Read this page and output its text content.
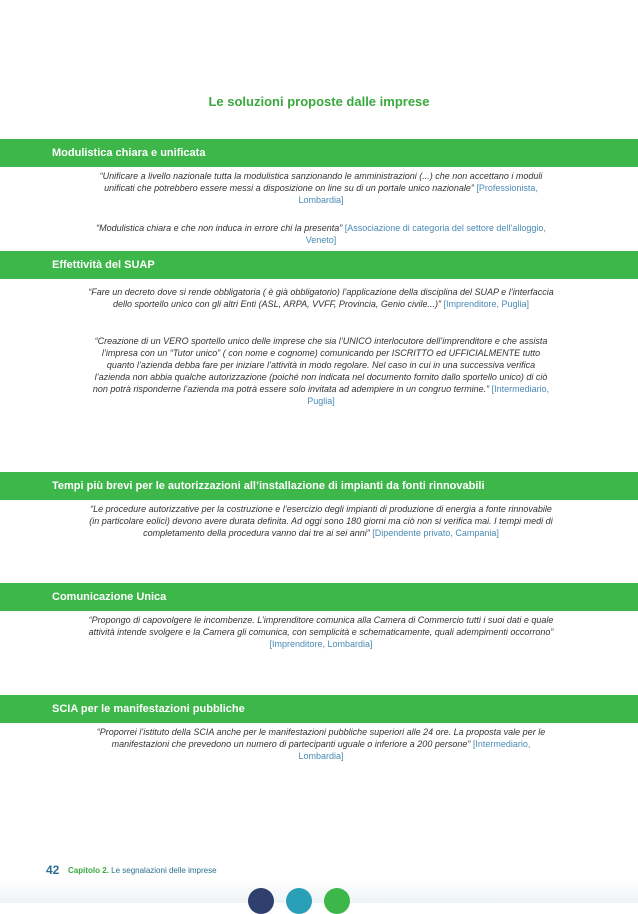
Le soluzioni proposte dalle imprese
Modulistica chiara e unificata
“Unificare a livello nazionale tutta la modulistica sanzionando le amministrazioni (...) che non accettano i moduli unificati che potrebbero essere messi a disposizione on line su di un portale unico nazionale” [Professionista, Lombardia]
“Modulistica chiara e che non induca in errore chi la presenta” [Associazione di categoria del settore dell’alloggio, Veneto]
Effettività del SUAP
“Fare un decreto dove si rende obbligatoria ( è già obbligatorio) l’applicazione della disciplina del SUAP e l’interfaccia dello sportello unico con gli altri Enti (ASL, ARPA, VVFF, Provincia, Genio civile...)” [Imprenditore, Puglia]
“Creazione di un VERO sportello unico delle imprese che sia l’UNICO interlocutore dell’imprenditore e che assista l’impresa con un “Tutor unico” ( con nome e cognome) comunicando per ISCRITTO ed UFFICIALMENTE tutto quanto l’azienda debba fare per iniziare l’attività in modo regolare. Nel caso in cui in una successiva verifica l’azienda non abbia qualche autorizzazione (poiché non indicata nel documento fornito dallo sportello unico) di ciò non potrà risponderne l’azienda ma potrà essere solo invitata ad adempiere in un congruo termine.” [Intermediario, Puglia]
Tempi più brevi per le autorizzazioni all’installazione di impianti da fonti rinnovabili
“Le procedure autorizzative per la costruzione e l’esercizio degli impianti di produzione di energia a fonte rinnovabile (in particolare eolici) devono avere durata definita. Ad oggi sono 180 giorni ma ciò non si verifica mai. I tempi medi di completamento della procedura vanno dai tre ai sei anni” [Dipendente privato, Campania]
Comunicazione Unica
“Propongo di capovolgere le incombenze. L’imprenditore comunica alla Camera di Commercio tutti i suoi dati e quale attività intende svolgere e la Camera gli comunica, con semplicità e schematicamente, quali adempimenti occorrono” [Imprenditore, Lombardia]
SCIA per le manifestazioni pubbliche
“Proporrei l’istituto della SCIA anche per le manifestazioni pubbliche superiori alle 24 ore. La proposta vale per le manifestazioni che prevedono un numero di partecipanti uguale o inferiore a 200 persone” [Intermediario, Lombardia]
42 Capitolo 2. Le segnalazioni delle imprese
